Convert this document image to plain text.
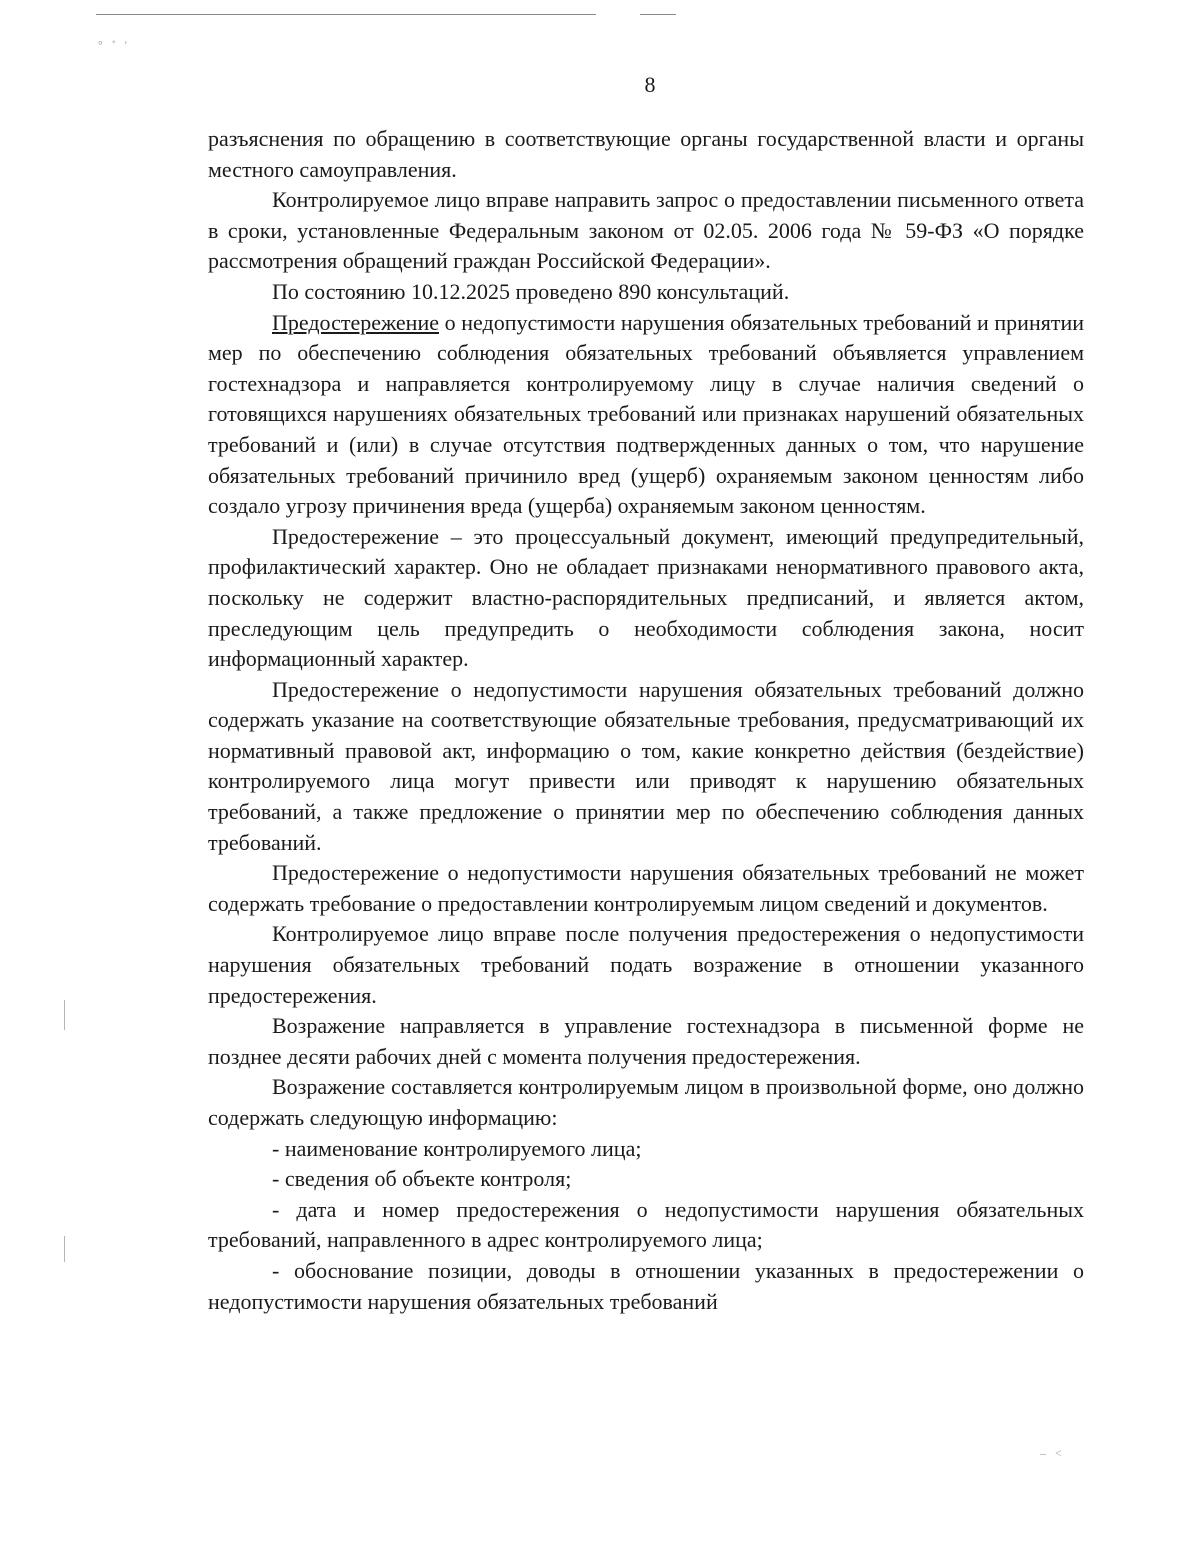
° ˚ '
‒ ˂
8

разъяснения по обращению в соответствующие органы государственной власти и органы местного самоуправления.

Контролируемое лицо вправе направить запрос о предоставлении письменного ответа в сроки, установленные Федеральным законом от 02.05. 2006 года № 59-ФЗ «О порядке рассмотрения обращений граждан Российской Федерации».

По состоянию 10.12.2025 проведено 890 консультаций.

Предостережение о недопустимости нарушения обязательных требований и принятии мер по обеспечению соблюдения обязательных требований объявляется управлением гостехнадзора и направляется контролируемому лицу в случае наличия сведений о готовящихся нарушениях обязательных требований или признаках нарушений обязательных требований и (или) в случае отсутствия подтвержденных данных о том, что нарушение обязательных требований причинило вред (ущерб) охраняемым законом ценностям либо создало угрозу причинения вреда (ущерба) охраняемым законом ценностям.

Предостережение – это процессуальный документ, имеющий предупредительный, профилактический характер. Оно не обладает признаками ненормативного правового акта, поскольку не содержит властно-распорядительных предписаний, и является актом, преследующим цель предупредить о необходимости соблюдения закона, носит информационный характер.

Предостережение о недопустимости нарушения обязательных требований должно содержать указание на соответствующие обязательные требования, предусматривающий их нормативный правовой акт, информацию о том, какие конкретно действия (бездействие) контролируемого лица могут привести или приводят к нарушению обязательных требований, а также предложение о принятии мер по обеспечению соблюдения данных требований.

Предостережение о недопустимости нарушения обязательных требований не может содержать требование о предоставлении контролируемым лицом сведений и документов.

Контролируемое лицо вправе после получения предостережения о недопустимости нарушения обязательных требований подать возражение в отношении указанного предостережения.

Возражение направляется в управление гостехнадзора в письменной форме не позднее десяти рабочих дней с момента получения предостережения.

Возражение составляется контролируемым лицом в произвольной форме, оно должно содержать следующую информацию:

- наименование контролируемого лица;

- сведения об объекте контроля;

- дата и номер предостережения о недопустимости нарушения обязательных требований, направленного в адрес контролируемого лица;

- обоснование позиции, доводы в отношении указанных в предостережении о недопустимости нарушения обязательных требований
